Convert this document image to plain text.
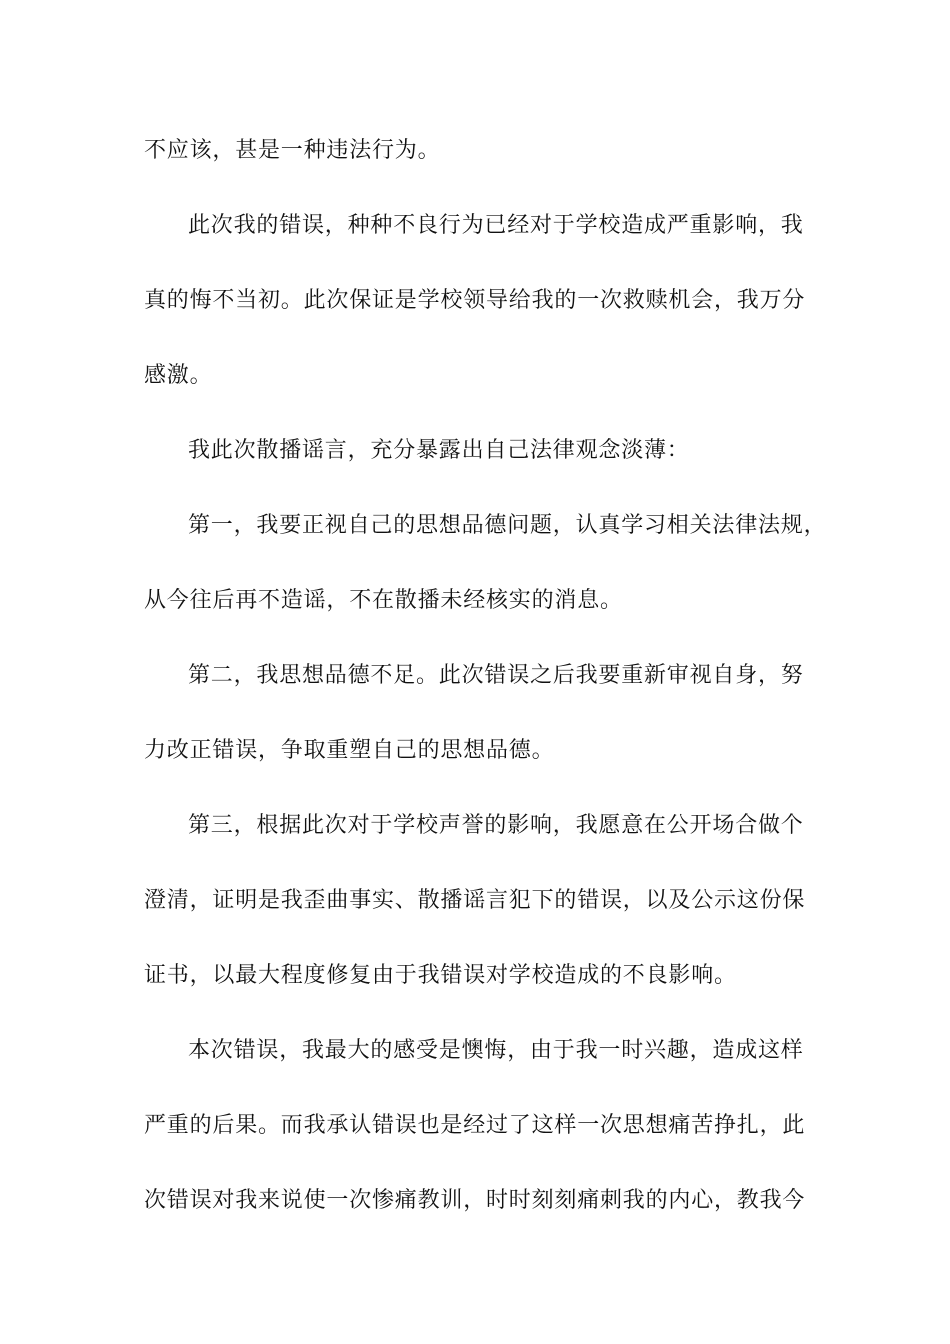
不应该，甚是一种违法行为。
此次我的错误，种种不良行为已经对于学校造成严重影响，我
真的悔不当初。此次保证是学校领导给我的一次救赎机会，我万分
感激。
我此次散播谣言，充分暴露出自己法律观念淡薄：
第一，我要正视自己的思想品德问题，认真学习相关法律法规，
从今往后再不造谣，不在散播未经核实的消息。
第二，我思想品德不足。此次错误之后我要重新审视自身，努
力改正错误，争取重塑自己的思想品德。
第三，根据此次对于学校声誉的影响，我愿意在公开场合做个
澄清，证明是我歪曲事实、散播谣言犯下的错误，以及公示这份保
证书，以最大程度修复由于我错误对学校造成的不良影响。
本次错误，我最大的感受是懊悔，由于我一时兴趣，造成这样
严重的后果。而我承认错误也是经过了这样一次思想痛苦挣扎，此
次错误对我来说使一次惨痛教训，时时刻刻痛刺我的内心，教我今
